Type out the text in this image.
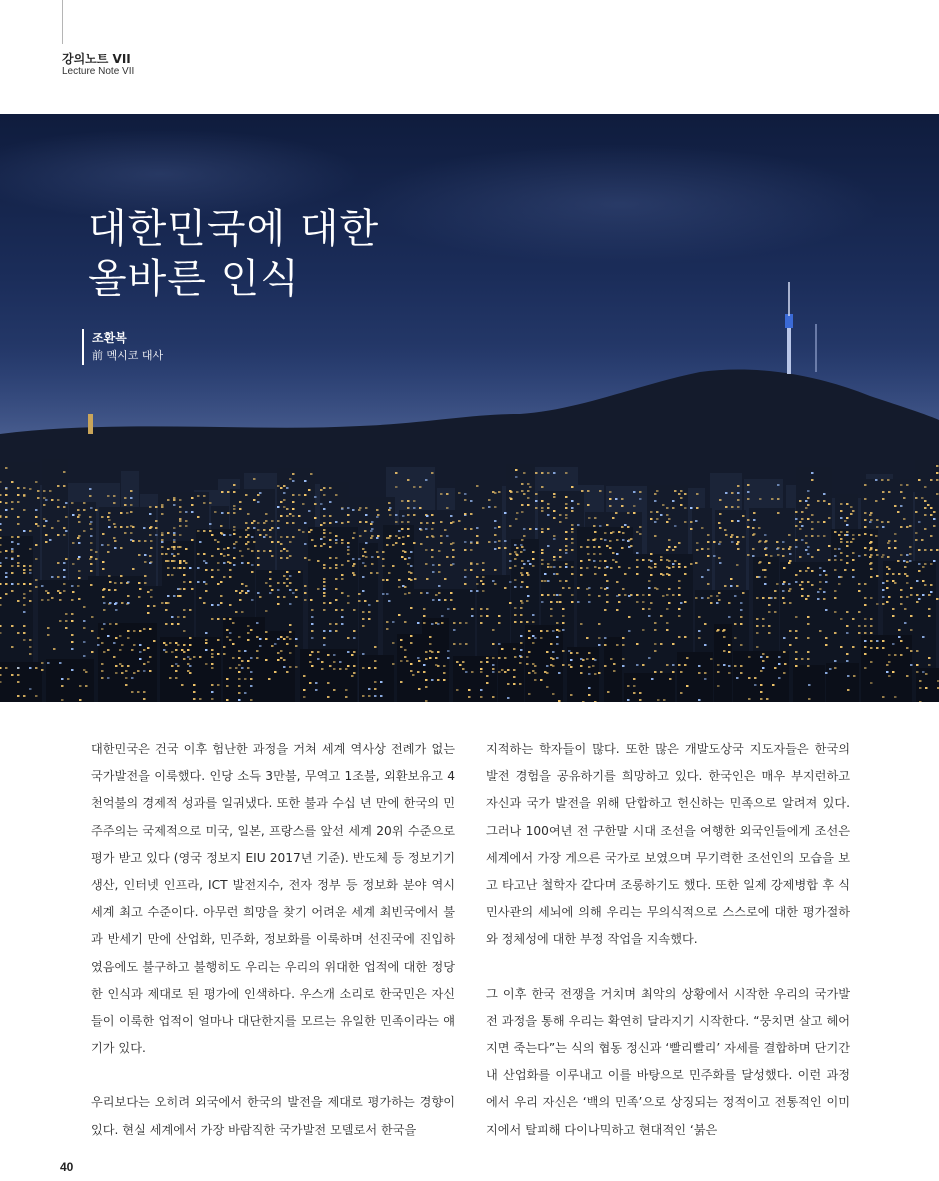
강의노트 VII
Lecture Note VII
대한민국에 대한
올바른 인식
조환복
前 멕시코 대사

대한민국은 건국 이후 험난한 과정을 거쳐 세계 역사상 전례가 없는 국가발전을 이룩했다. 인당 소득 3만불, 무역고 1조불, 외환보유고 4천억불의 경제적 성과를 일궈냈다. 또한 불과 수십 년 만에 한국의 민주주의는 국제적으로 미국, 일본, 프랑스를 앞선 세계 20위 수준으로 평가 받고 있다 (영국 정보지 EIU 2017년 기준). 반도체 등 정보기기 생산, 인터넷 인프라, ICT 발전지수, 전자 정부 등 정보화 분야 역시 세계 최고 수준이다. 아무런 희망을 찾기 어려운 세계 최빈국에서 불과 반세기 만에 산업화, 민주화, 정보화를 이룩하며 선진국에 진입하였음에도 불구하고 불행히도 우리는 우리의 위대한 업적에 대한 정당한 인식과 제대로 된 평가에 인색하다. 우스개 소리로 한국민은 자신들이 이룩한 업적이 얼마나 대단한지를 모르는 유일한 민족이라는 얘기가 있다.

우리보다는 오히려 외국에서 한국의 발전을 제대로 평가하는 경향이 있다. 현실 세계에서 가장 바람직한 국가발전 모델로서 한국을

지적하는 학자들이 많다. 또한 많은 개발도상국 지도자들은 한국의 발전 경험을 공유하기를 희망하고 있다. 한국인은 매우 부지런하고 자신과 국가 발전을 위해 단합하고 헌신하는 민족으로 알려져 있다. 그러나 100여년 전 구한말 시대 조선을 여행한 외국인들에게 조선은 세계에서 가장 게으른 국가로 보였으며 무기력한 조선인의 모습을 보고 타고난 철학자 같다며 조롱하기도 했다. 또한 일제 강제병합 후 식민사관의 세뇌에 의해 우리는 무의식적으로 스스로에 대한 평가절하와 정체성에 대한 부정 작업을 지속했다.

그 이후 한국 전쟁을 거치며 최악의 상황에서 시작한 우리의 국가발전 과정을 통해 우리는 확연히 달라지기 시작한다. “뭉치면 살고 헤어지면 죽는다”는 식의 협동 정신과 ‘빨리빨리’ 자세를 결합하며 단기간 내 산업화를 이루내고 이를 바탕으로 민주화를 달성했다. 이런 과정에서 우리 자신은 ‘백의 민족’으로 상징되는 정적이고 전통적인 이미지에서 탈피해 다이나믹하고 현대적인 ‘붉은

40
